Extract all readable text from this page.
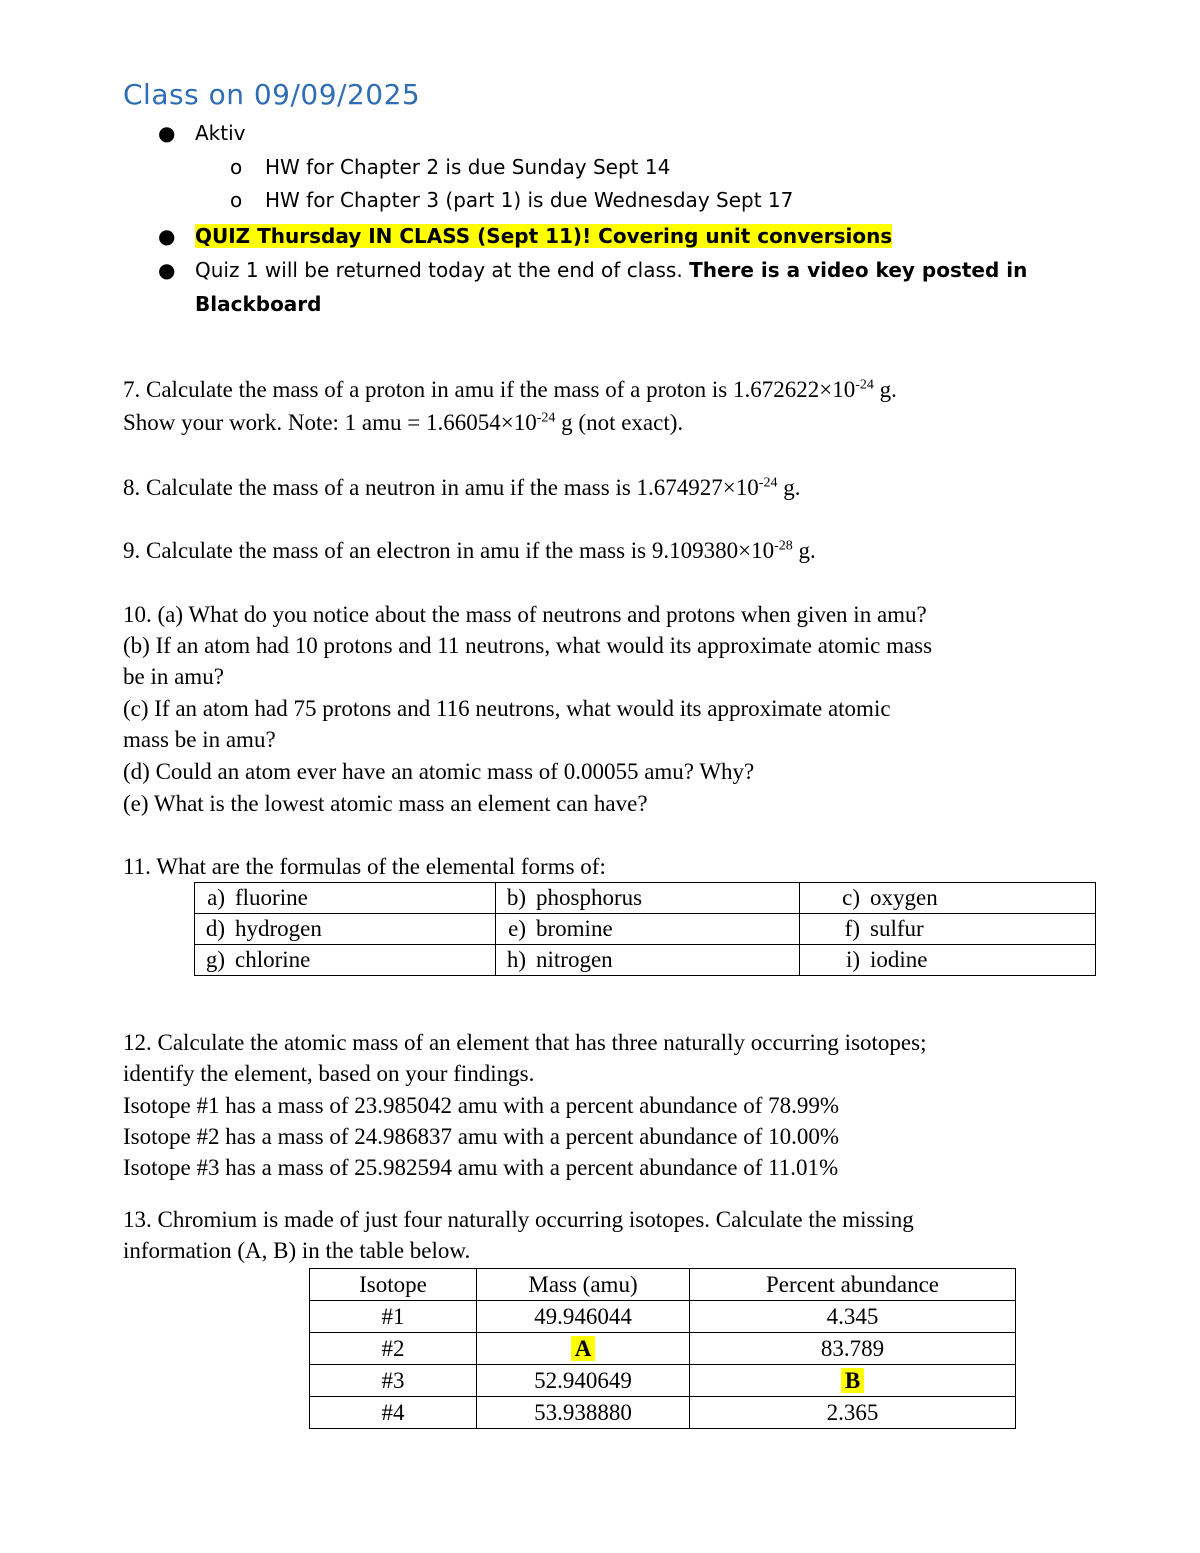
Class on 09/09/2025
● Aktiv
o HW for Chapter 2 is due Sunday Sept 14
o HW for Chapter 3 (part 1) is due Wednesday Sept 17
● QUIZ Thursday IN CLASS (Sept 11)! Covering unit conversions
● Quiz 1 will be returned today at the end of class. There is a video key posted in
Blackboard
7. Calculate the mass of a proton in amu if the mass of a proton is $1.672622\times 10^{-24}$ g.
Show your work. Note: 1 amu = $1.66054\times 10^{-24}$ g (not exact).
8. Calculate the mass of a neutron in amu if the mass is $1.674927\times 10^{-24}$ g.
9. Calculate the mass of an electron in amu if the mass is $9.109380\times 10^{-28}$ g.
10. (a) What do you notice about the mass of neutrons and protons when given in amu?
(b) If an atom had 10 protons and 11 neutrons, what would its approximate atomic mass
be in amu?
(c) If an atom had 75 protons and 116 neutrons, what would its approximate atomic
mass be in amu?
(d) Could an atom ever have an atomic mass of 0.00055 amu? Why?
(e) What is the lowest atomic mass an element can have?
11. What are the formulas of the elemental forms of:
a) fluorine	b) phosphorus	c) oxygen
d) hydrogen	e) bromine	f) sulfur
g) chlorine	h) nitrogen	i) iodine
12. Calculate the atomic mass of an element that has three naturally occurring isotopes;
identify the element, based on your findings.
Isotope #1 has a mass of 23.985042 amu with a percent abundance of 78.99%
Isotope #2 has a mass of 24.986837 amu with a percent abundance of 10.00%
Isotope #3 has a mass of 25.982594 amu with a percent abundance of 11.01%
13. Chromium is made of just four naturally occurring isotopes. Calculate the missing
information (A, B) in the table below.
Isotope	Mass (amu)	Percent abundance
#1	49.946044	4.345
#2	A	83.789
#3	52.940649	B
#4	53.938880	2.365
